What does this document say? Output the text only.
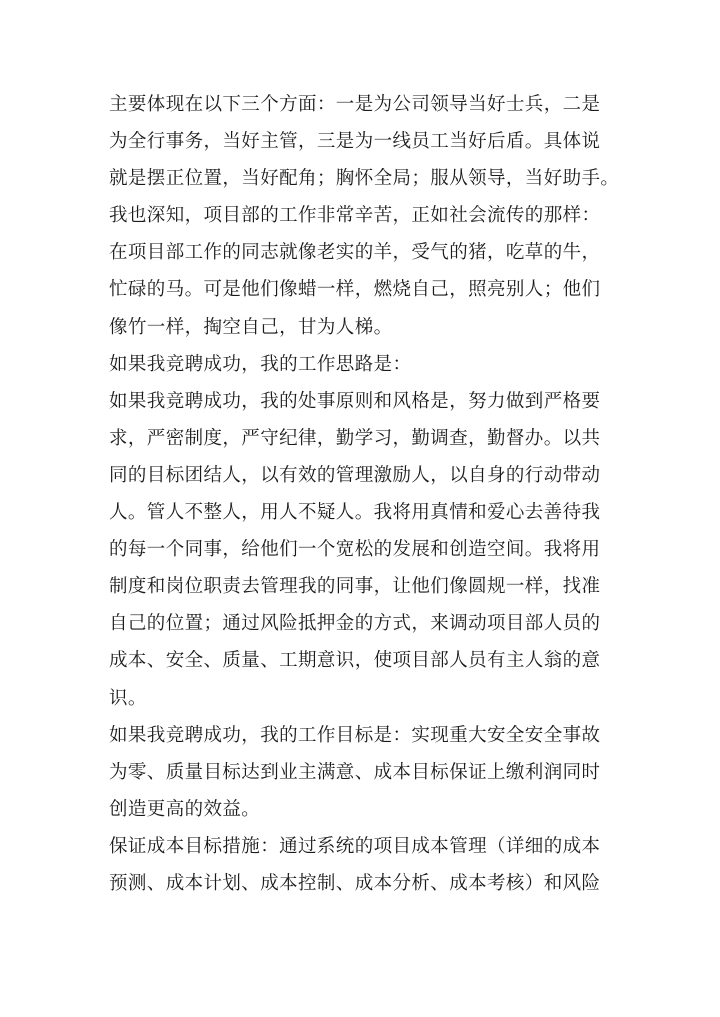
主要体现在以下三个方面：一是为公司领导当好士兵，二是
为全行事务，当好主管，三是为一线员工当好后盾。具体说
就是摆正位置，当好配角；胸怀全局；服从领导，当好助手。
我也深知，项目部的工作非常辛苦，正如社会流传的那样：
在项目部工作的同志就像老实的羊，受气的猪，吃草的牛，
忙碌的马。可是他们像蜡一样，燃烧自己，照亮别人；他们
像竹一样，掏空自己，甘为人梯。
如果我竞聘成功，我的工作思路是：
如果我竞聘成功，我的处事原则和风格是，努力做到严格要
求，严密制度，严守纪律，勤学习，勤调查，勤督办。以共
同的目标团结人，以有效的管理激励人，以自身的行动带动
人。管人不整人，用人不疑人。我将用真情和爱心去善待我
的每一个同事，给他们一个宽松的发展和创造空间。我将用
制度和岗位职责去管理我的同事，让他们像圆规一样，找准
自己的位置；通过风险抵押金的方式，来调动项目部人员的
成本、安全、质量、工期意识，使项目部人员有主人翁的意
识。
如果我竞聘成功，我的工作目标是：实现重大安全安全事故
为零、质量目标达到业主满意、成本目标保证上缴利润同时
创造更高的效益。
保证成本目标措施：通过系统的项目成本管理（详细的成本
预测、成本计划、成本控制、成本分析、成本考核）和风险
